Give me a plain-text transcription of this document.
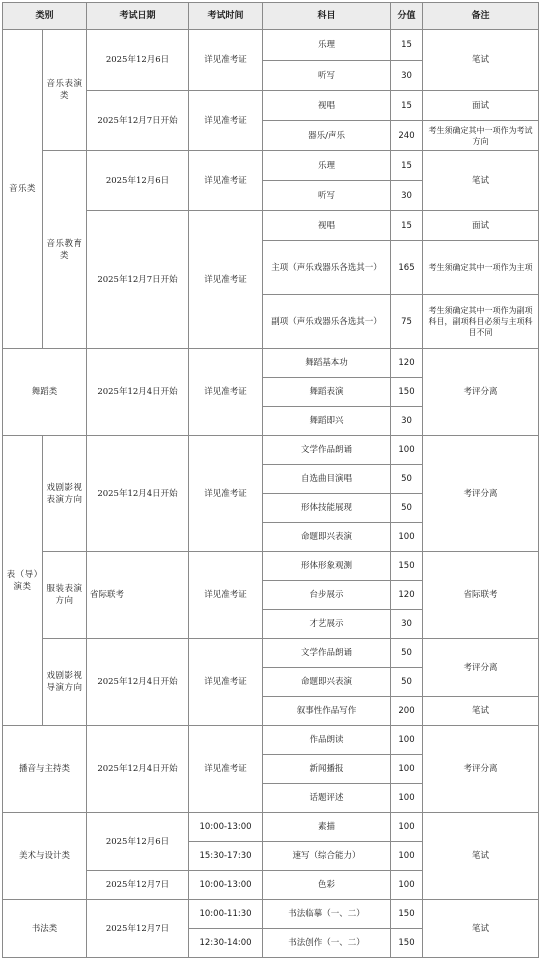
类别		考试日期	考试时间	科目	分值	备注
音乐类	音乐表演类	2025年12月6日	详见准考证	乐理	15	笔试
				听写	30	
		2025年12月7日开始	详见准考证	视唱	15	面试
				器乐/声乐	240	考生须确定其中一项作为考试方向
	音乐教育类	2025年12月6日	详见准考证	乐理	15	笔试
				听写	30	
		2025年12月7日开始	详见准考证	视唱	15	面试
				主项（声乐戏器乐各选其一）	165	考生须确定其中一项作为主项

				副项（声乐戏器乐各选其一）	75	考生须确定其中一项作为副项科目，副项科目必须与主项科目不同

舞蹈类		2025年12月4日开始	详见准考证	舞蹈基本功	120	考评分离
				舞蹈表演	150	
				舞蹈即兴	30	
表（导）演类	戏剧影视表演方向	2025年12月4日开始	详见准考证	文学作品朗诵	100	考评分离
				自选曲目演唱	50	
				形体技能展现	50	
				命题即兴表演	100	
	服装表演方向	省际联考	详见准考证	形体形象观测	150	省际联考
				台步展示	120	
				才艺展示	30	
	戏剧影视导演方向	2025年12月4日开始	详见准考证	文学作品朗诵	50	考评分离
				命题即兴表演	50	
				叙事性作品写作	200	笔试
播音与主持类		2025年12月4日开始	详见准考证	作品朗读	100	考评分离
				新闻播报	100	
				话题评述	100	
美术与设计类		2025年12月6日	10:00-13:00	素描	100	笔试
			15:30-17:30	速写（综合能力）	100	
		2025年12月7日	10:00-13:00	色彩	100	
书法类		2025年12月7日	10:00-11:30	书法临摹（一、二）	150	笔试
			12:30-14:00	书法创作（一、二）	150	
